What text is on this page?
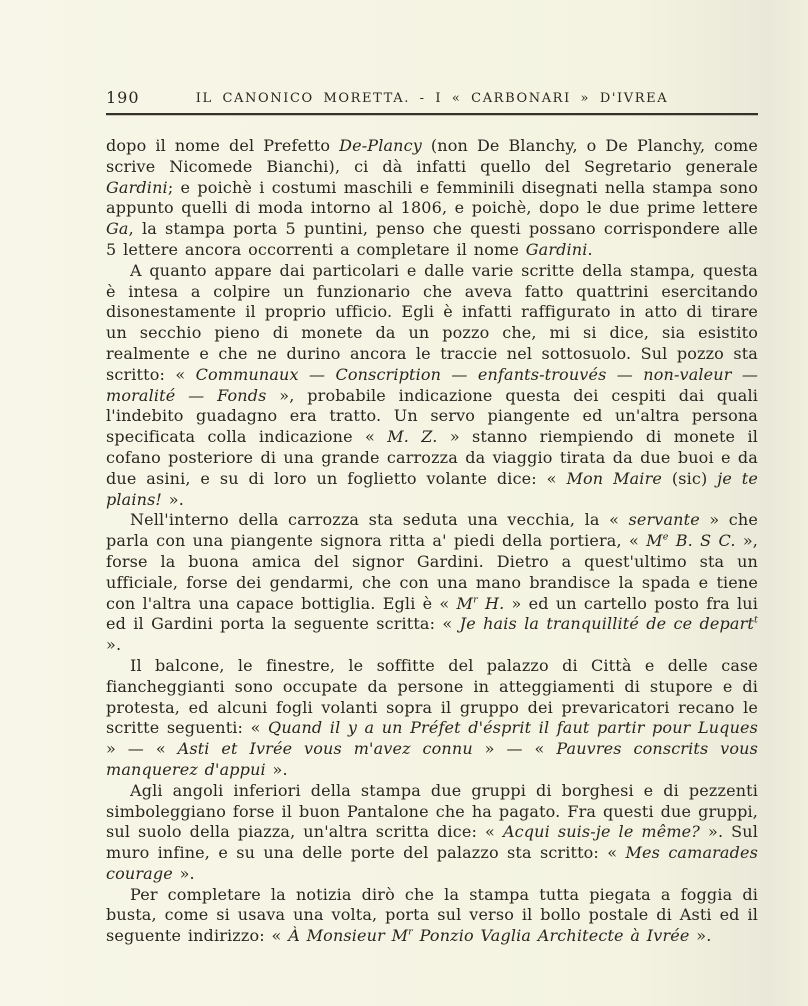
190	IL CANONICO MORETTA. - I « CARBONARI » D'IVREA

dopo il nome del Prefetto De-Plancy (non De Blanchy, o De Planchy, come scrive Nicomede Bianchi), ci dà infatti quello del Segretario generale Gardini; e poichè i costumi maschili e femminili disegnati nella stampa sono appunto quelli di moda intorno al 1806, e poichè, dopo le due prime lettere Ga, la stampa porta 5 puntini, penso che questi possano corrispondere alle 5 lettere ancora occorrenti a completare il nome Gardini.

A quanto appare dai particolari e dalle varie scritte della stampa, questa è intesa a colpire un funzionario che aveva fatto quattrini esercitando disonestamente il proprio ufficio. Egli è infatti raffigurato in atto di tirare un secchio pieno di monete da un pozzo che, mi si dice, sia esistito realmente e che ne durino ancora le traccie nel sottosuolo. Sul pozzo sta scritto: « Communaux — Conscription — enfants-trouvés — non-valeur — moralité — Fonds », probabile indicazione questa dei cespiti dai quali l'indebito guadagno era tratto. Un servo piangente ed un'altra persona specificata colla indicazione « M. Z. » stanno riempiendo di monete il cofano posteriore di una grande carrozza da viaggio tirata da due buoi e da due asini, e su di loro un foglietto volante dice: « Mon Maire (sic) je te plains! ».

Nell'interno della carrozza sta seduta una vecchia, la « servante » che parla con una piangente signora ritta a' piedi della portiera, « Me B. S C. », forse la buona amica del signor Gardini. Dietro a quest'ultimo sta un ufficiale, forse dei gendarmi, che con una mano brandisce la spada e tiene con l'altra una capace bottiglia. Egli è « $M^r$ H. » ed un cartello posto fra lui ed il Gardini porta la seguente scritta: « Je hais la tranquillité de ce depart$^t$ ».

Il balcone, le finestre, le soffitte del palazzo di Città e delle case fiancheggianti sono occupate da persone in atteggiamenti di stupore e di protesta, ed alcuni fogli volanti sopra il gruppo dei prevaricatori recano le scritte seguenti: « Quand il y a un Préfet d'ésprit il faut partir pour Luques » — « Asti et Ivrée vous m'avez connu » — « Pauvres conscrits vous manquerez d'appui ».

Agli angoli inferiori della stampa due gruppi di borghesi e di pezzenti simboleggiano forse il buon Pantalone che ha pagato. Fra questi due gruppi, sul suolo della piazza, un'altra scritta dice: « Acqui suis-je le même? ». Sul muro infine, e su una delle porte del palazzo sta scritto: « Mes camarades courage ».

Per completare la notizia dirò che la stampa tutta piegata a foggia di busta, come si usava una volta, porta sul verso il bollo postale di Asti ed il seguente indirizzo: « À Monsieur $M^r$ Ponzio Vaglia Architecte à Ivrée ».
